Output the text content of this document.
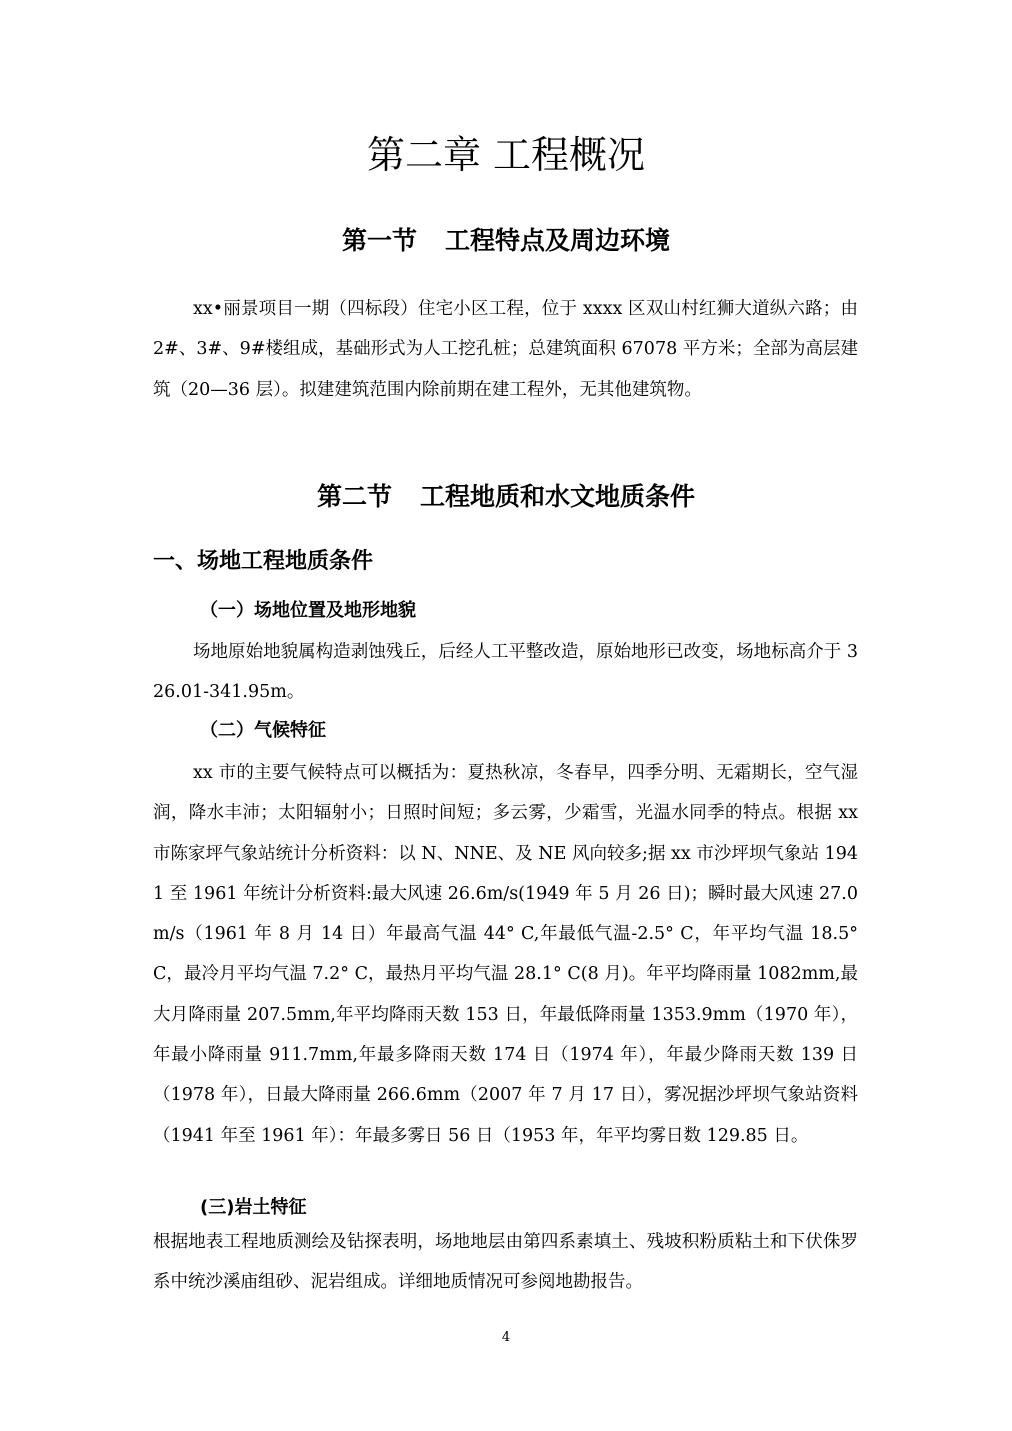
第二章 工程概况
第一节 工程特点及周边环境
xx•丽景项目一期（四标段）住宅小区工程，位于 xxxx 区双山村红狮大道纵六路；由 2#、3#、9#楼组成，基础形式为人工挖孔桩；总建筑面积 67078 平方米；全部为高层建筑（20—36 层）。拟建建筑范围内除前期在建工程外，无其他建筑物。
第二节 工程地质和水文地质条件
一、场地工程地质条件
（一）场地位置及地形地貌
场地原始地貌属构造剥蚀残丘，后经人工平整改造，原始地形已改变，场地标高介于 326.01-341.95m。
（二）气候特征
xx 市的主要气候特点可以概括为：夏热秋凉，冬春早，四季分明、无霜期长，空气湿润，降水丰沛；太阳辐射小；日照时间短；多云雾，少霜雪，光温水同季的特点。根据 xx 市陈家坪气象站统计分析资料：以 N、NNE、及 NE 风向较多;据 xx 市沙坪坝气象站 1941 至 1961 年统计分析资料:最大风速 26.6m/s(1949 年 5 月 26 日)；瞬时最大风速 27.0m/s（1961 年 8 月 14 日）年最高气温 44° C,年最低气温-2.5° C，年平均气温 18.5° C，最冷月平均气温 7.2° C，最热月平均气温 28.1° C(8 月)。年平均降雨量 1082mm,最大月降雨量 207.5mm,年平均降雨天数 153 日，年最低降雨量 1353.9mm（1970 年），年最小降雨量 911.7mm,年最多降雨天数 174 日（1974 年），年最少降雨天数 139 日（1978 年），日最大降雨量 266.6mm（2007 年 7 月 17 日），雾况据沙坪坝气象站资料（1941 年至 1961 年）：年最多雾日 56 日（1953 年，年平均雾日数 129.85 日。
(三)岩土特征
根据地表工程地质测绘及钻探表明，场地地层由第四系素填土、残坡积粉质粘土和下伏侏罗系中统沙溪庙组砂、泥岩组成。详细地质情况可参阅地勘报告。
4
